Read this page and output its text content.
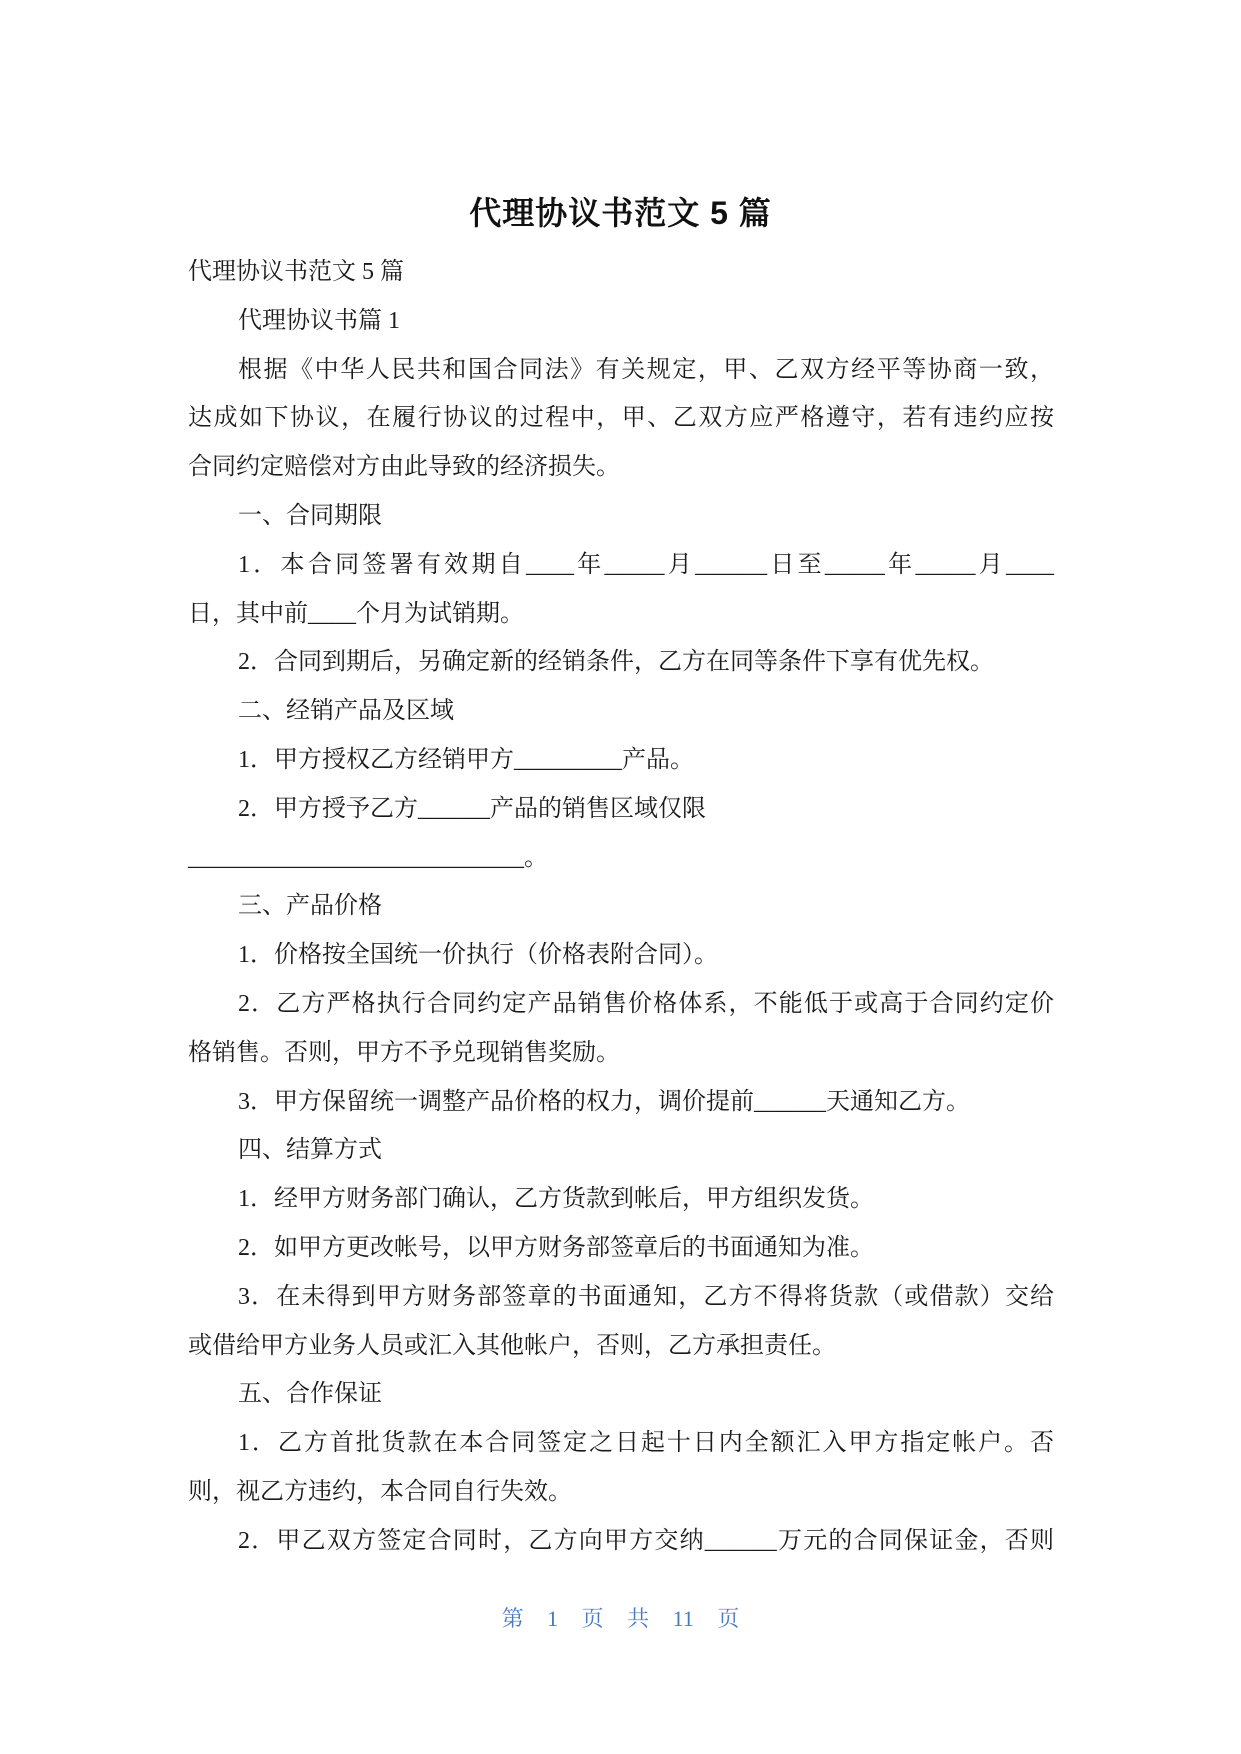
代理协议书范文 5 篇
代理协议书范文 5 篇
代理协议书篇 1
根据《中华人民共和国合同法》有关规定，甲、乙双方经平等协商一致，
达成如下协议，在履行协议的过程中，甲、乙双方应严格遵守，若有违约应按
合同约定赔偿对方由此导致的经济损失。
一、合同期限
1．本合同签署有效期自____年_____月______日至_____年_____月____
日，其中前____个月为试销期。
2．合同到期后，另确定新的经销条件，乙方在同等条件下享有优先权。
二、经销产品及区域
1．甲方授权乙方经销甲方_________产品。
2．甲方授予乙方______产品的销售区域仅限
____________________________。
三、产品价格
1．价格按全国统一价执行（价格表附合同）。
2．乙方严格执行合同约定产品销售价格体系，不能低于或高于合同约定价
格销售。否则，甲方不予兑现销售奖励。
3．甲方保留统一调整产品价格的权力，调价提前______天通知乙方。
四、结算方式
1．经甲方财务部门确认，乙方货款到帐后，甲方组织发货。
2．如甲方更改帐号，以甲方财务部签章后的书面通知为准。
3．在未得到甲方财务部签章的书面通知，乙方不得将货款（或借款）交给
或借给甲方业务人员或汇入其他帐户，否则，乙方承担责任。
五、合作保证
1．乙方首批货款在本合同签定之日起十日内全额汇入甲方指定帐户。否
则，视乙方违约，本合同自行失效。
2．甲乙双方签定合同时，乙方向甲方交纳______万元的合同保证金，否则
第 1 页 共 11 页
